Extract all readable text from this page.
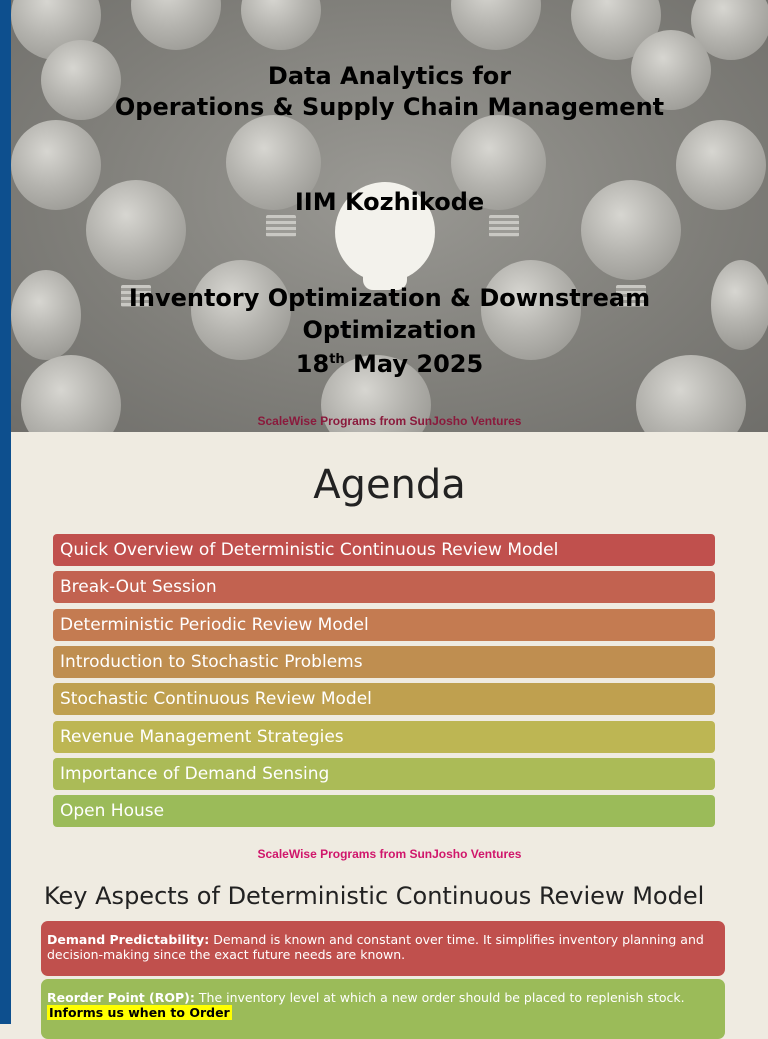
Data Analytics for
Operations & Supply Chain Management
IIM Kozhikode
Inventory Optimization & Downstream
Optimization
18th May 2025
ScaleWise Programs from SunJosho Ventures
Agenda
Quick Overview of Deterministic Continuous Review Model
Break-Out Session
Deterministic Periodic Review Model
Introduction to Stochastic Problems
Stochastic Continuous Review Model
Revenue Management Strategies
Importance of Demand Sensing
Open House
ScaleWise Programs from SunJosho Ventures
Key Aspects of Deterministic Continuous Review Model
Demand Predictability: Demand is known and constant over time. It simplifies inventory planning and decision-making since the exact future needs are known.
Reorder Point (ROP): The inventory level at which a new order should be placed to replenish stock.
Informs us when to Order
